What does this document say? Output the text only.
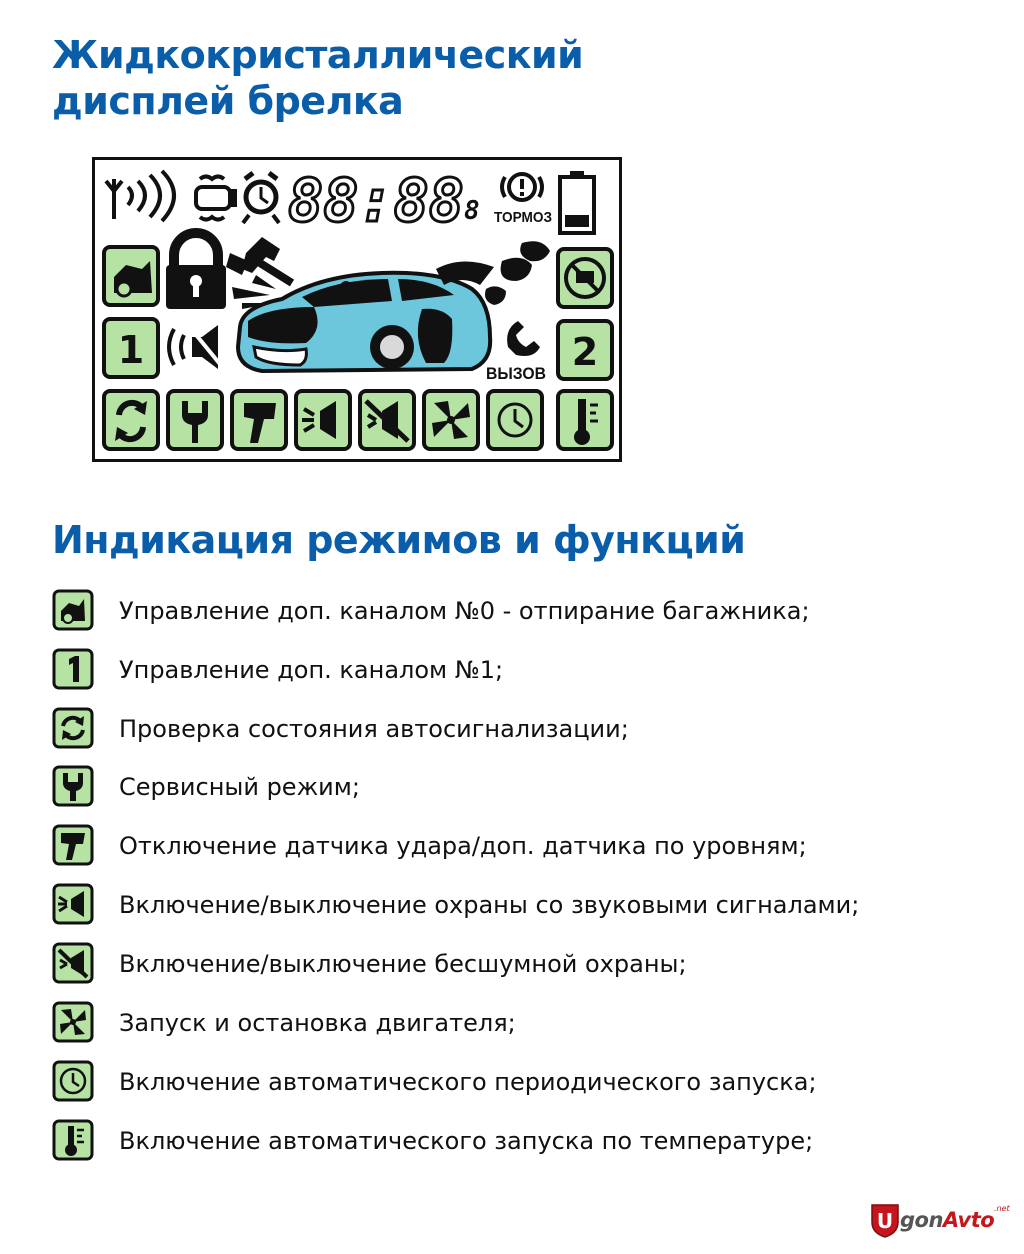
Жидкокристаллический
дисплей брелка
88:88 8 ТОРМОЗ
1
ВЫЗОВ 2
Индикация режимов и функций
Управление доп. каналом №0 - отпирание багажника;
Управление доп. каналом №1;
Проверка состояния автосигнализации;
Сервисный режим;
Отключение датчика удара/доп. датчика по уровням;
Включение/выключение охраны со звуковыми сигналами;
Включение/выключение бесшумной охраны;
Запуск и остановка двигателя;
Включение автоматического периодического запуска;
Включение автоматического запуска по температуре;
U gonAvto .net
